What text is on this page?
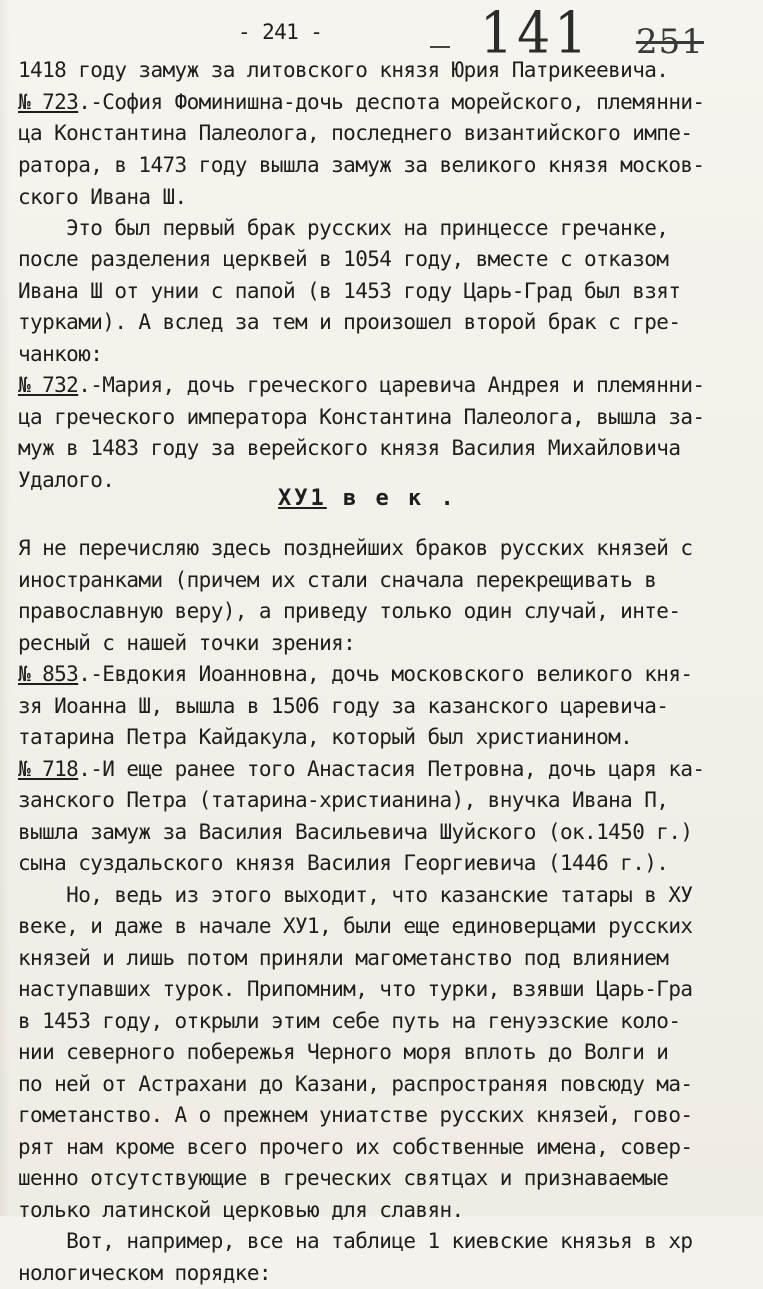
- 241 -	141 251
1418 году замуж за литовского князя Юрия Патрикеевича.
№ 723.-София Фоминишна-дочь деспота морейского, племянни-
ца Константина Палеолога, последнего византийского импе-
ратора, в 1473 году вышла замуж за великого князя москов-
ского Ивана Ш.
Это был первый брак русских на принцессе гречанке,
после разделения церквей в 1054 году, вместе с отказом
Ивана Ш от унии с папой (в 1453 году Царь-Град был взят
турками). А вслед за тем и произошел второй брак с гре-
чанкою:
№ 732.-Мария, дочь греческого царевича Андрея и племянни-
ца греческого императора Константина Палеолога, вышла за-
муж в 1483 году за верейского князя Василия Михайловича
Удалого.
Я не перечисляю здесь позднейших браков русских князей с
иностранками (причем их стали сначала перекрещивать в
православную веру), а приведу только один случай, инте-
ресный с нашей точки зрения:
№ 853.-Евдокия Иоанновна, дочь московского великого кня-
зя Иоанна Ш, вышла в 1506 году за казанского царевича-
татарина Петра Кайдакула, который был христианином.
№ 718.-И еще ранее того Анастасия Петровна, дочь царя ка-
занского Петра (татарина-христианина), внучка Ивана П,
вышла замуж за Василия Васильевича Шуйского (ок.1450 г.)
сына суздальского князя Василия Георгиевича (1446 г.).
Но, ведь из этого выходит, что казанские татары в ХУ
веке, и даже в начале ХУ1, были еще единоверцами русских
князей и лишь потом приняли магометанство под влиянием
наступавших турок. Припомним, что турки, взявши Царь-Гра
в 1453 году, открыли этим себе путь на генуэзские коло-
нии северного побережья Черного моря вплоть до Волги и
по ней от Астрахани до Казани, распространяя повсюду ма-
гометанство. А о прежнем униатстве русских князей, гово-
рят нам кроме всего прочего их собственные имена, совер-
шенно отсутствующие в греческих святцах и признаваемые
только латинской церковью для славян.
Вот, например, все на таблице 1 киевские князья в хр
нологическом порядке:
ХУ1 в е к .
